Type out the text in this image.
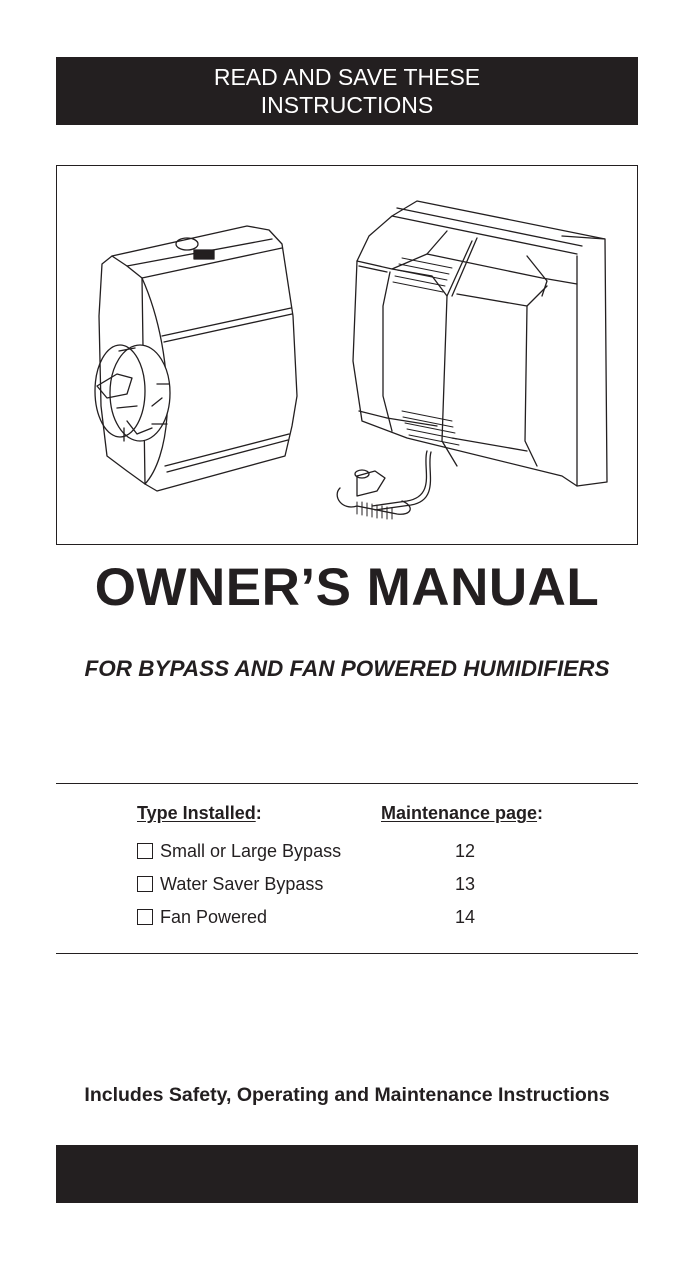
READ AND SAVE THESE
INSTRUCTIONS
OWNER’S MANUAL
FOR BYPASS AND FAN POWERED HUMIDIFIERS
Type Installed:	Maintenance page:
Small or Large Bypass	12
Water Saver Bypass	13
Fan Powered	14
Includes Safety, Operating and Maintenance Instructions
